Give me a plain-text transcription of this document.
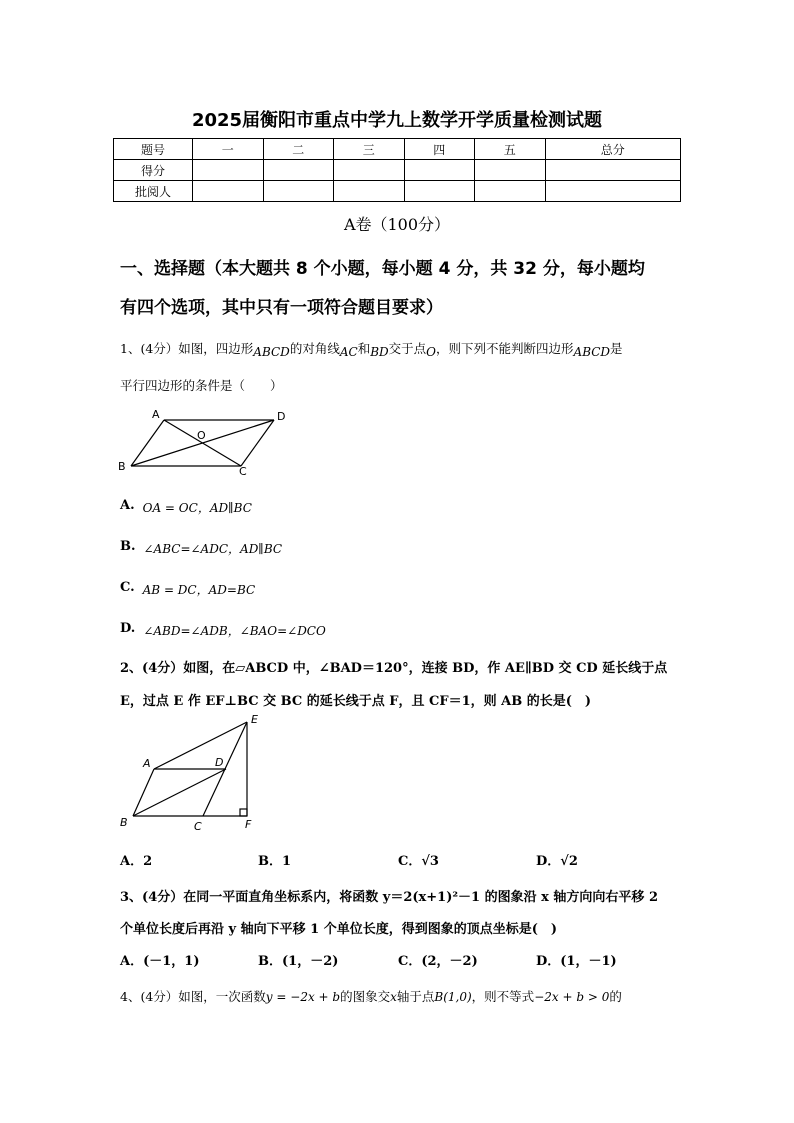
2025届衡阳市重点中学九上数学开学质量检测试题
题号	一	二	三	四	五	总分
得分						
批阅人						
A卷（100分）
一、选择题（本大题共 8 个小题，每小题 4 分，共 32 分，每小题均
有四个选项，其中只有一项符合题目要求）
1、(4分）如图，四边形ABCD的对角线AC和BD交于点O，则下列不能判断四边形ABCD是
平行四边形的条件是（　　）
A	D
O
B	C
A. OA = OC，AD∥BC
B. ∠ABC=∠ADC，AD∥BC
C. AB = DC，AD=BC
D. ∠ABD=∠ADB，∠BAO=∠DCO
2、(4分）如图，在▱ABCD 中，∠BAD＝120°，连接 BD，作 AE∥BD 交 CD 延长线于点
E，过点 E 作 EF⊥BC 交 BC 的延长线于点 F，且 CF＝1，则 AB 的长是(　)
E
A	D
B	C	F
A．2	B．1	C．√3	D．√2
3、(4分）在同一平面直角坐标系内，将函数 y＝2(x+1)²－1 的图象沿 x 轴方向向右平移 2
个单位长度后再沿 y 轴向下平移 1 个单位长度，得到图象的顶点坐标是(　)
A．(－1，1)	B．(1，－2)	C．(2，－2)	D．(1，－1)
4、(4分）如图，一次函数y = −2x + b的图象交x轴于点B(1,0)，则不等式−2x + b > 0的
